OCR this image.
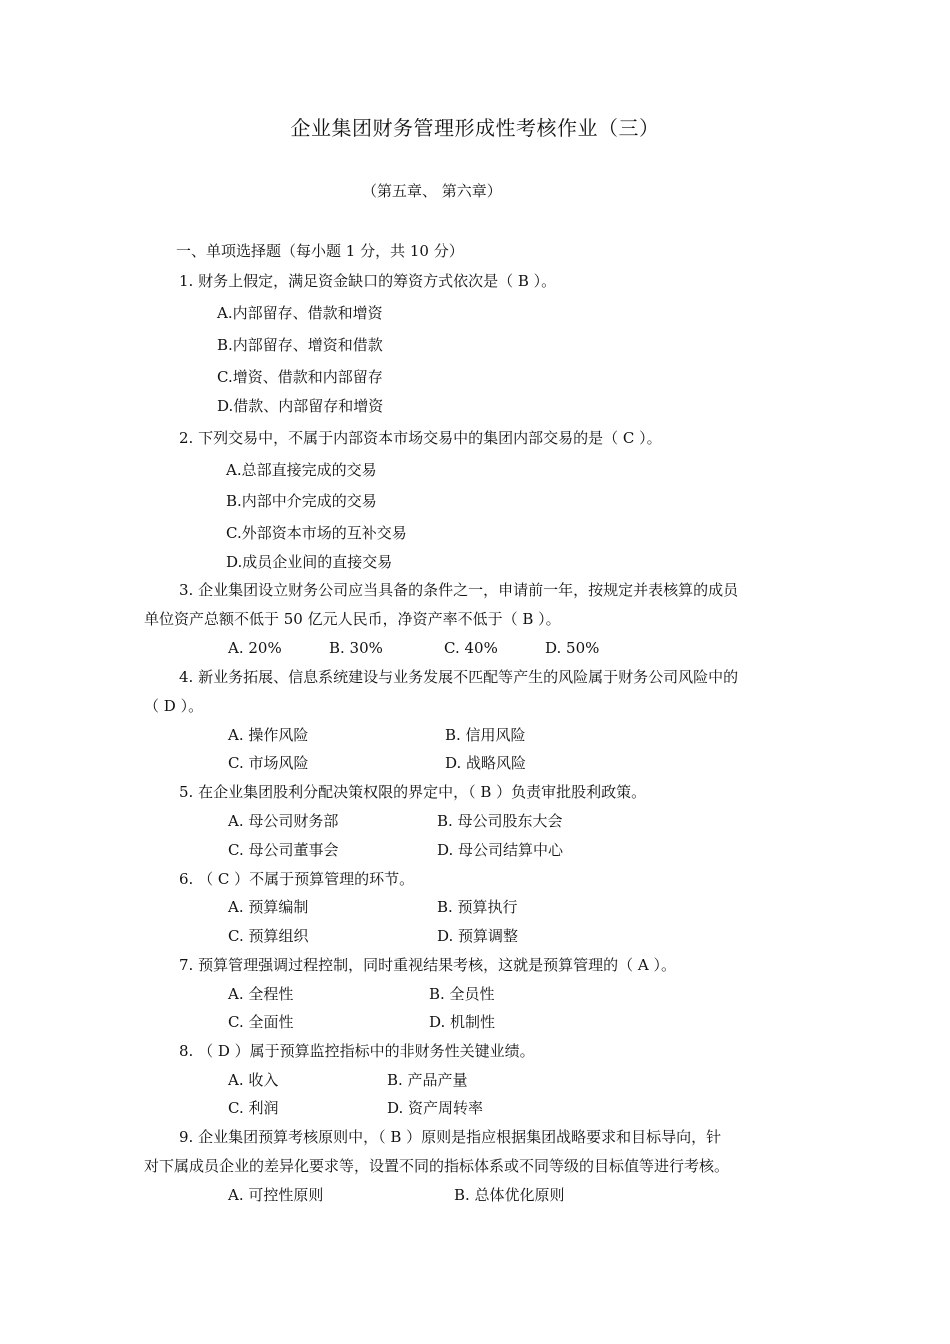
企业集团财务管理形成性考核作业（三）
（第五章、 第六章）
一、单项选择题（每小题 1 分，共 10 分）
1. 财务上假定，满足资金缺口的筹资方式依次是（ B ）。
A.内部留存、借款和增资
B.内部留存、增资和借款
C.增资、借款和内部留存
D.借款、内部留存和增资
2. 下列交易中，不属于内部资本市场交易中的集团内部交易的是（ C ）。
A.总部直接完成的交易
B.内部中介完成的交易
C.外部资本市场的互补交易
D.成员企业间的直接交易
3. 企业集团设立财务公司应当具备的条件之一，申请前一年，按规定并表核算的成员
单位资产总额不低于 50 亿元人民币，净资产率不低于（ B ）。
A. 20%	B. 30%	C. 40%	D. 50%
4. 新业务拓展、信息系统建设与业务发展不匹配等产生的风险属于财务公司风险中的
（ D ）。
A. 操作风险	B. 信用风险
C. 市场风险	D. 战略风险
5. 在企业集团股利分配决策权限的界定中，（ B ）负责审批股利政策。
A. 母公司财务部	B. 母公司股东大会
C. 母公司董事会	D. 母公司结算中心
6. （ C ）不属于预算管理的环节。
A. 预算编制	B. 预算执行
C. 预算组织	D. 预算调整
7. 预算管理强调过程控制，同时重视结果考核，这就是预算管理的（ A ）。
A. 全程性	B. 全员性
C. 全面性	D. 机制性
8. （ D ）属于预算监控指标中的非财务性关键业绩。
A. 收入	B. 产品产量
C. 利润	D. 资产周转率
9. 企业集团预算考核原则中，（ B ）原则是指应根据集团战略要求和目标导向，针
对下属成员企业的差异化要求等，设置不同的指标体系或不同等级的目标值等进行考核。
A. 可控性原则	B. 总体优化原则
